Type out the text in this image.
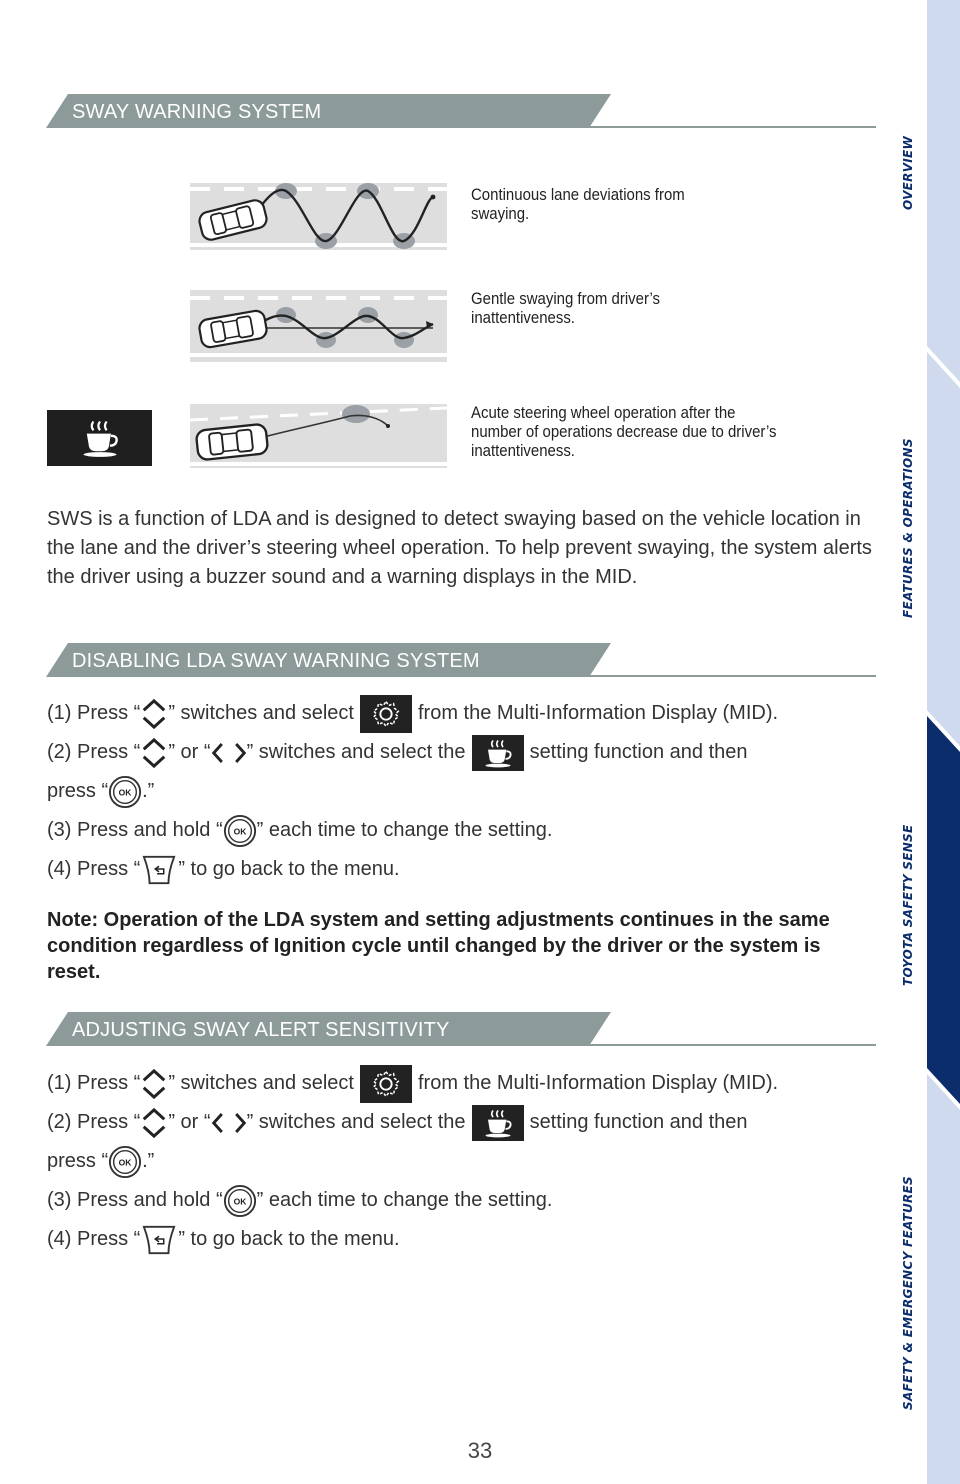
SWAY WARNING SYSTEM
Continuous lane deviations from
swaying.
Gentle swaying from driver’s
inattentiveness.
Acute steering wheel operation after the
number of operations decrease due to driver’s
inattentiveness.
SWS is a function of LDA and is designed to detect swaying based on the vehicle location in the lane and the driver’s steering wheel operation. To help prevent swaying, the system alerts the driver using a buzzer sound and a warning displays in the MID.
DISABLING LDA SWAY WARNING SYSTEM
(1) Press “ ” switches and select	from the Multi-Information Display (MID).
(2) Press “ ” or “ ” switches and select the	setting function and then
press “ .”
(3) Press and hold “ ” each time to change the setting.
(4) Press “ ” to go back to the menu.
Note: Operation of the LDA system and setting adjustments continues in the same condition regardless of Ignition cycle until changed by the driver or the system is reset.
ADJUSTING SWAY ALERT SENSITIVITY
(1) Press “ ” switches and select	from the Multi-Information Display (MID).
(2) Press “ ” or “ ” switches and select the	setting function and then
press “ .”
(3) Press and hold “ ” each time to change the setting.
(4) Press “ ” to go back to the menu.
33
OVERVIEW
FEATURES & OPERATIONS
TOYOTA SAFETY SENSE
SAFETY & EMERGENCY FEATURES
